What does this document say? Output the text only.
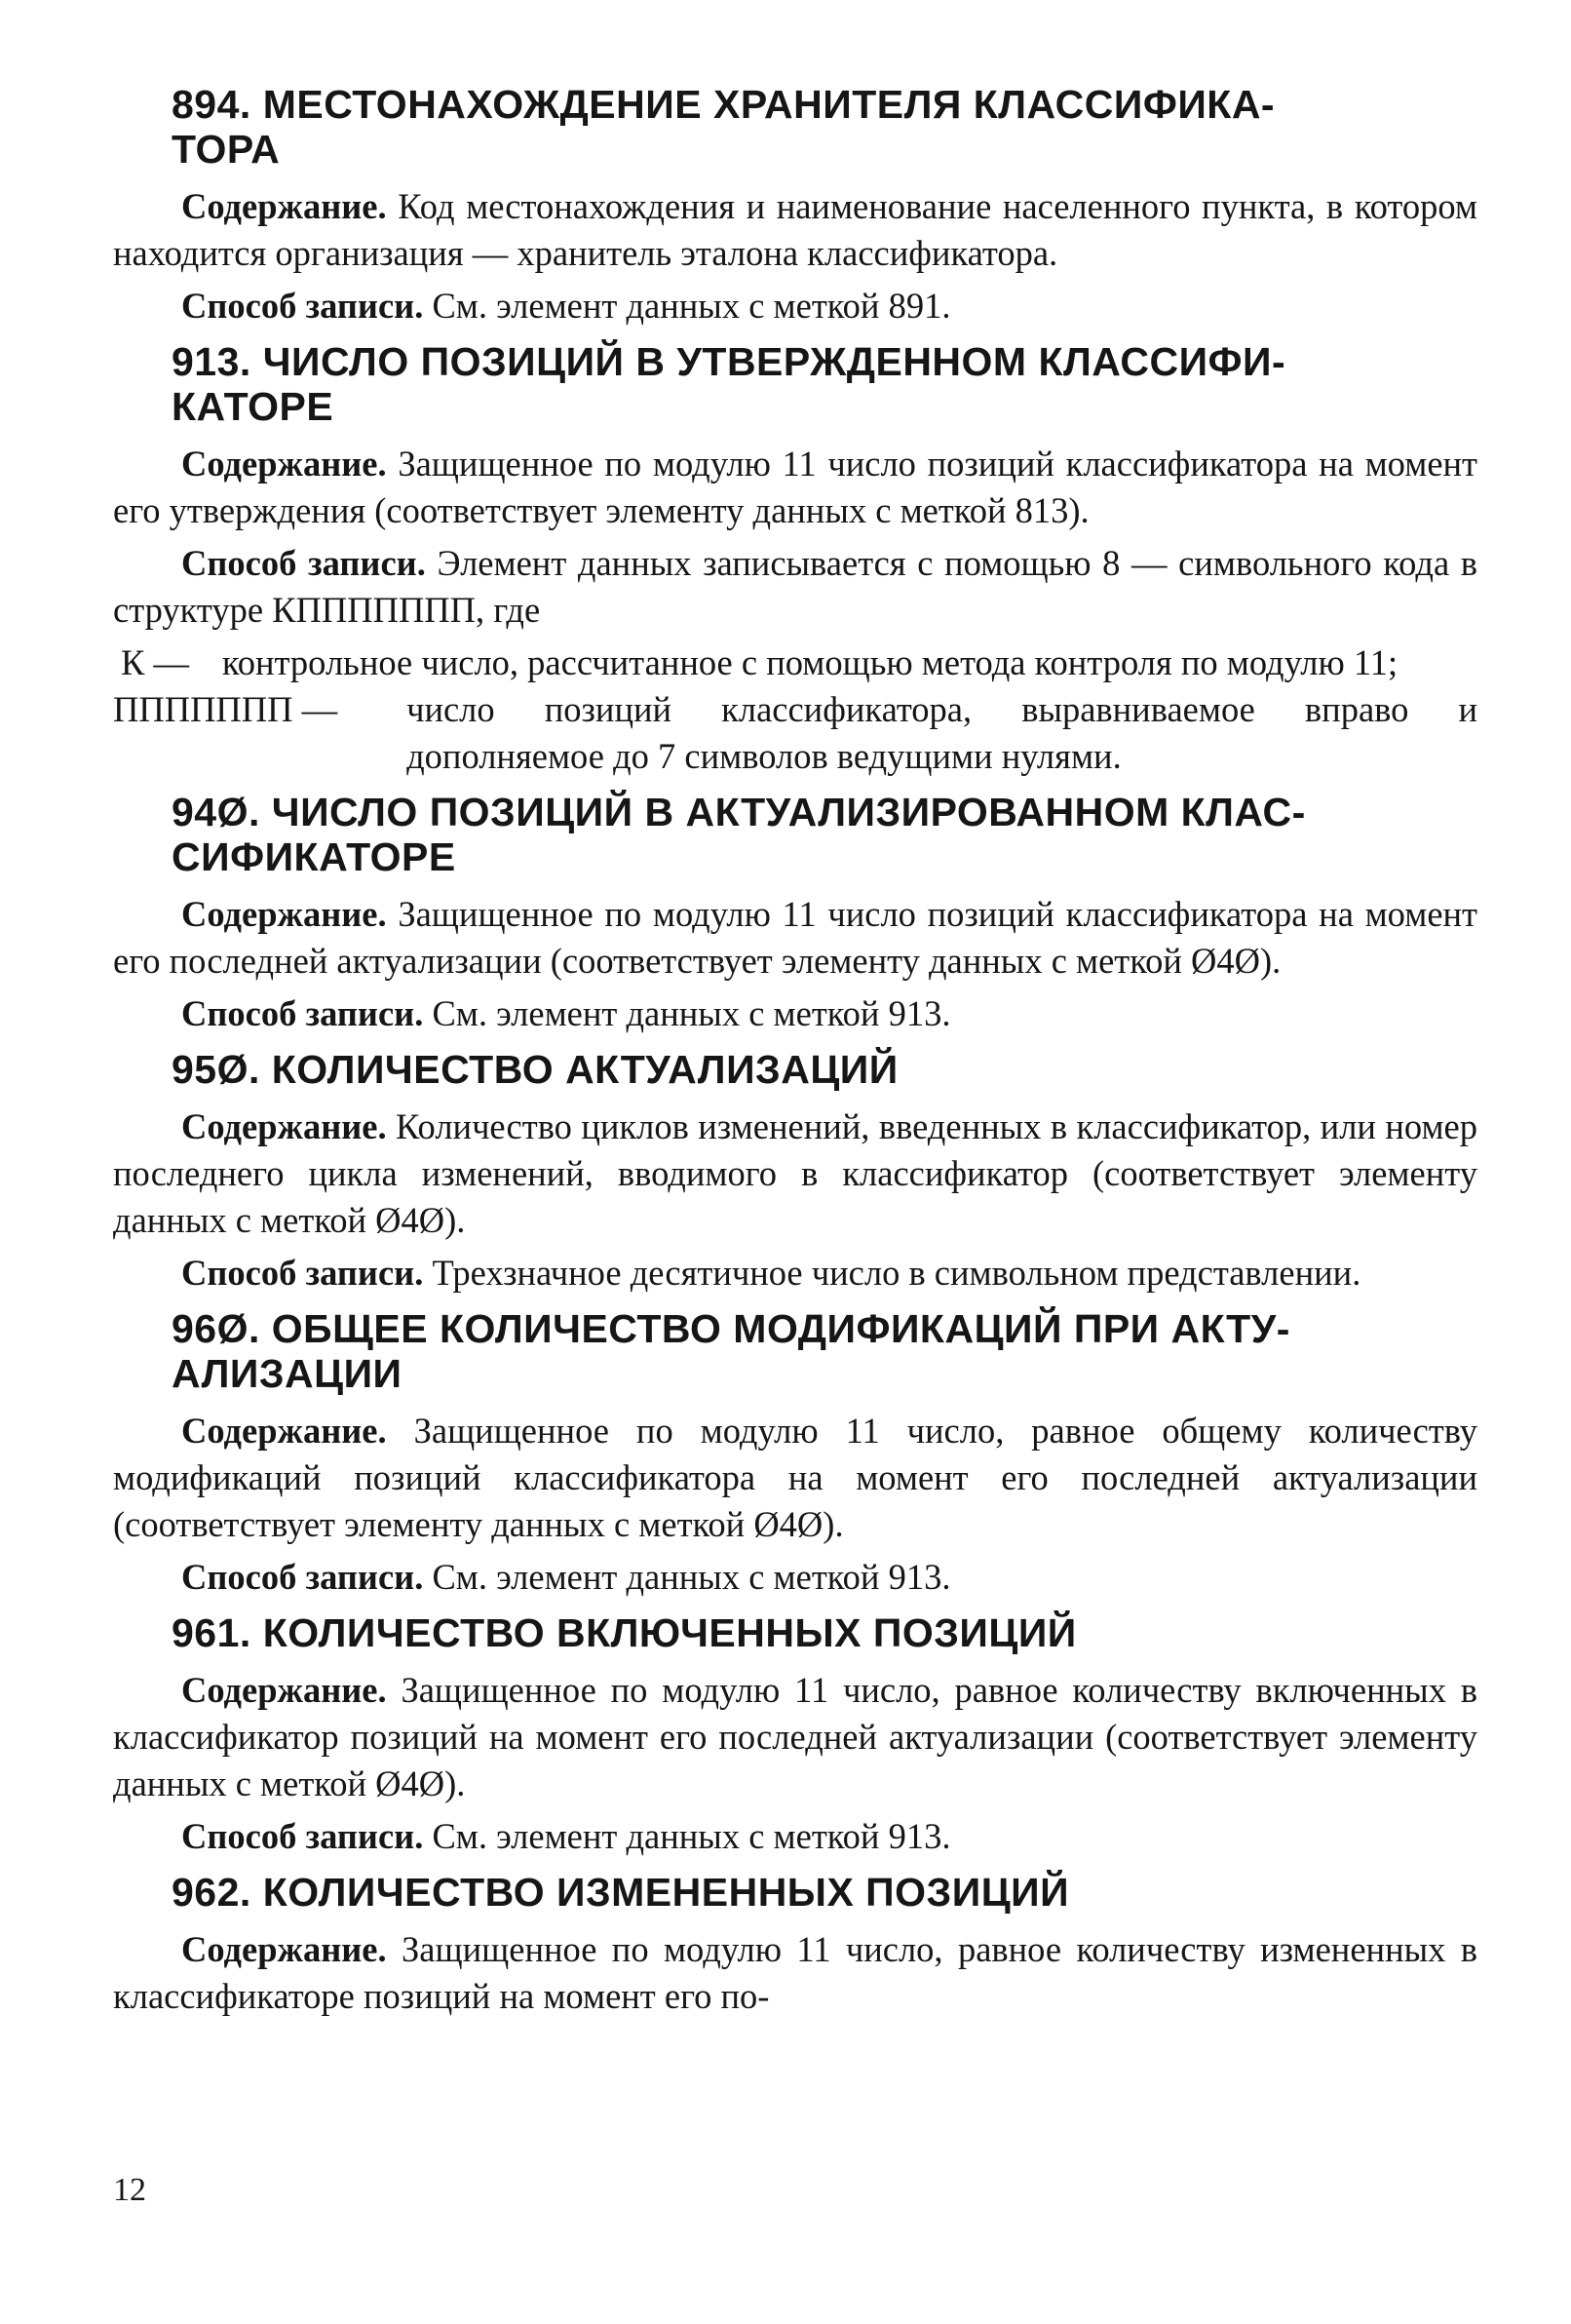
894. МЕСТОНАХОЖДЕНИЕ ХРАНИТЕЛЯ КЛАССИФИКА-
ТОРА

Содержание. Код местонахождения и наименование населенного пункта, в котором находится организация — хранитель эталона классификатора.

Способ записи. См. элемент данных с меткой 891.

913. ЧИСЛО ПОЗИЦИЙ В УТВЕРЖДЕННОМ КЛАССИФИ-
КАТОРЕ

Содержание. Защищенное по модулю 11 число позиций классификатора на момент его утверждения (соответствует элементу данных с меткой 813).

Способ записи. Элемент данных записывается с помощью 8 — символьного кода в структуре КППППППП, где

К — контрольное число, рассчитанное с помощью метода контроля по модулю 11;
ППППППП —	число позиций классификатора, выравниваемое вправо и дополняемое до 7 символов ведущими нулями.
94Ø. ЧИСЛО ПОЗИЦИЙ В АКТУАЛИЗИРОВАННОМ КЛАС-
СИФИКАТОРЕ

Содержание. Защищенное по модулю 11 число позиций классификатора на момент его последней актуализации (соответствует элементу данных с меткой Ø4Ø).

Способ записи. См. элемент данных с меткой 913.

95Ø. КОЛИЧЕСТВО АКТУАЛИЗАЦИЙ

Содержание. Количество циклов изменений, введенных в классификатор, или номер последнего цикла изменений, вводимого в классификатор (соответствует элементу данных с меткой Ø4Ø).

Способ записи. Трехзначное десятичное число в символьном представлении.

96Ø. ОБЩЕЕ КОЛИЧЕСТВО МОДИФИКАЦИЙ ПРИ АКТУ-
АЛИЗАЦИИ

Содержание. Защищенное по модулю 11 число, равное общему количеству модификаций позиций классификатора на момент его последней актуализации (соответствует элементу данных с меткой Ø4Ø).

Способ записи. См. элемент данных с меткой 913.

961. КОЛИЧЕСТВО ВКЛЮЧЕННЫХ ПОЗИЦИЙ

Содержание. Защищенное по модулю 11 число, равное количеству включенных в классификатор позиций на момент его последней актуализации (соответствует элементу данных с меткой Ø4Ø).

Способ записи. См. элемент данных с меткой 913.

962. КОЛИЧЕСТВО ИЗМЕНЕННЫХ ПОЗИЦИЙ

Содержание. Защищенное по модулю 11 число, равное количеству измененных в классификаторе позиций на момент его по-

12
